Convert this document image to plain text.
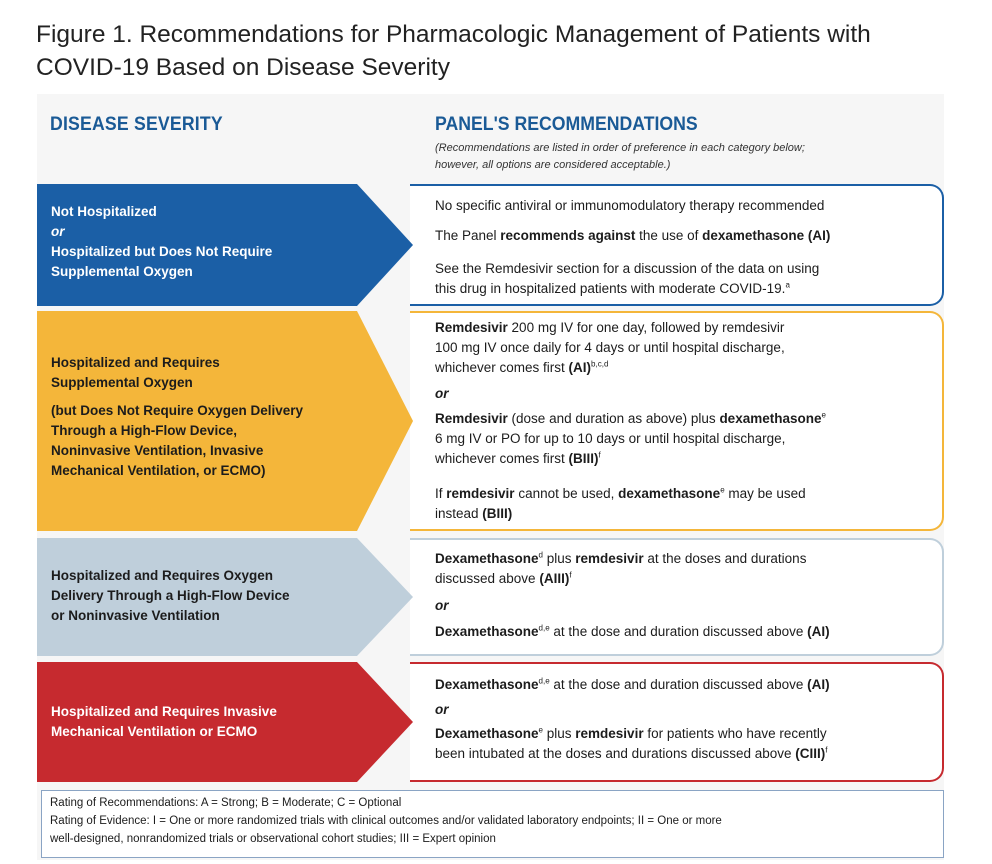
Figure 1. Recommendations for Pharmacologic Management of Patients with
COVID-19 Based on Disease Severity
DISEASE SEVERITY	PANEL'S RECOMMENDATIONS
(Recommendations are listed in order of preference in each category below;
however, all options are considered acceptable.)
Not Hospitalized
or
Hospitalized but Does Not Require
Supplemental Oxygen
No specific antiviral or immunomodulatory therapy recommended
The Panel recommends against the use of dexamethasone (AI)
See the Remdesivir section for a discussion of the data on using
this drug in hospitalized patients with moderate COVID-19.$^a$
Hospitalized and Requires
Supplemental Oxygen
(but Does Not Require Oxygen Delivery
Through a High-Flow Device,
Noninvasive Ventilation, Invasive
Mechanical Ventilation, or ECMO)
Remdesivir 200 mg IV for one day, followed by remdesivir
100 mg IV once daily for 4 days or until hospital discharge,
whichever comes first (AI)$^{b,c,d}$
or
Remdesivir (dose and duration as above) plus dexamethasone$^e$
6 mg IV or PO for up to 10 days or until hospital discharge,
whichever comes first (BIII)$^f$
If remdesivir cannot be used, dexamethasone$^e$ may be used
instead (BIII)
Hospitalized and Requires Oxygen
Delivery Through a High-Flow Device
or Noninvasive Ventilation
Dexamethasone$^d$ plus remdesivir at the doses and durations
discussed above (AIII)$^f$
or
Dexamethasone$^{d,e}$ at the dose and duration discussed above (AI)
Hospitalized and Requires Invasive
Mechanical Ventilation or ECMO
Dexamethasone$^{d,e}$ at the dose and duration discussed above (AI)
or
Dexamethasone$^e$ plus remdesivir for patients who have recently
been intubated at the doses and durations discussed above (CIII)$^f$

Rating of Recommendations: A = Strong; B = Moderate; C = Optional

Rating of Evidence: I = One or more randomized trials with clinical outcomes and/or validated laboratory endpoints; II = One or more

well-designed, nonrandomized trials or observational cohort studies; III = Expert opinion
